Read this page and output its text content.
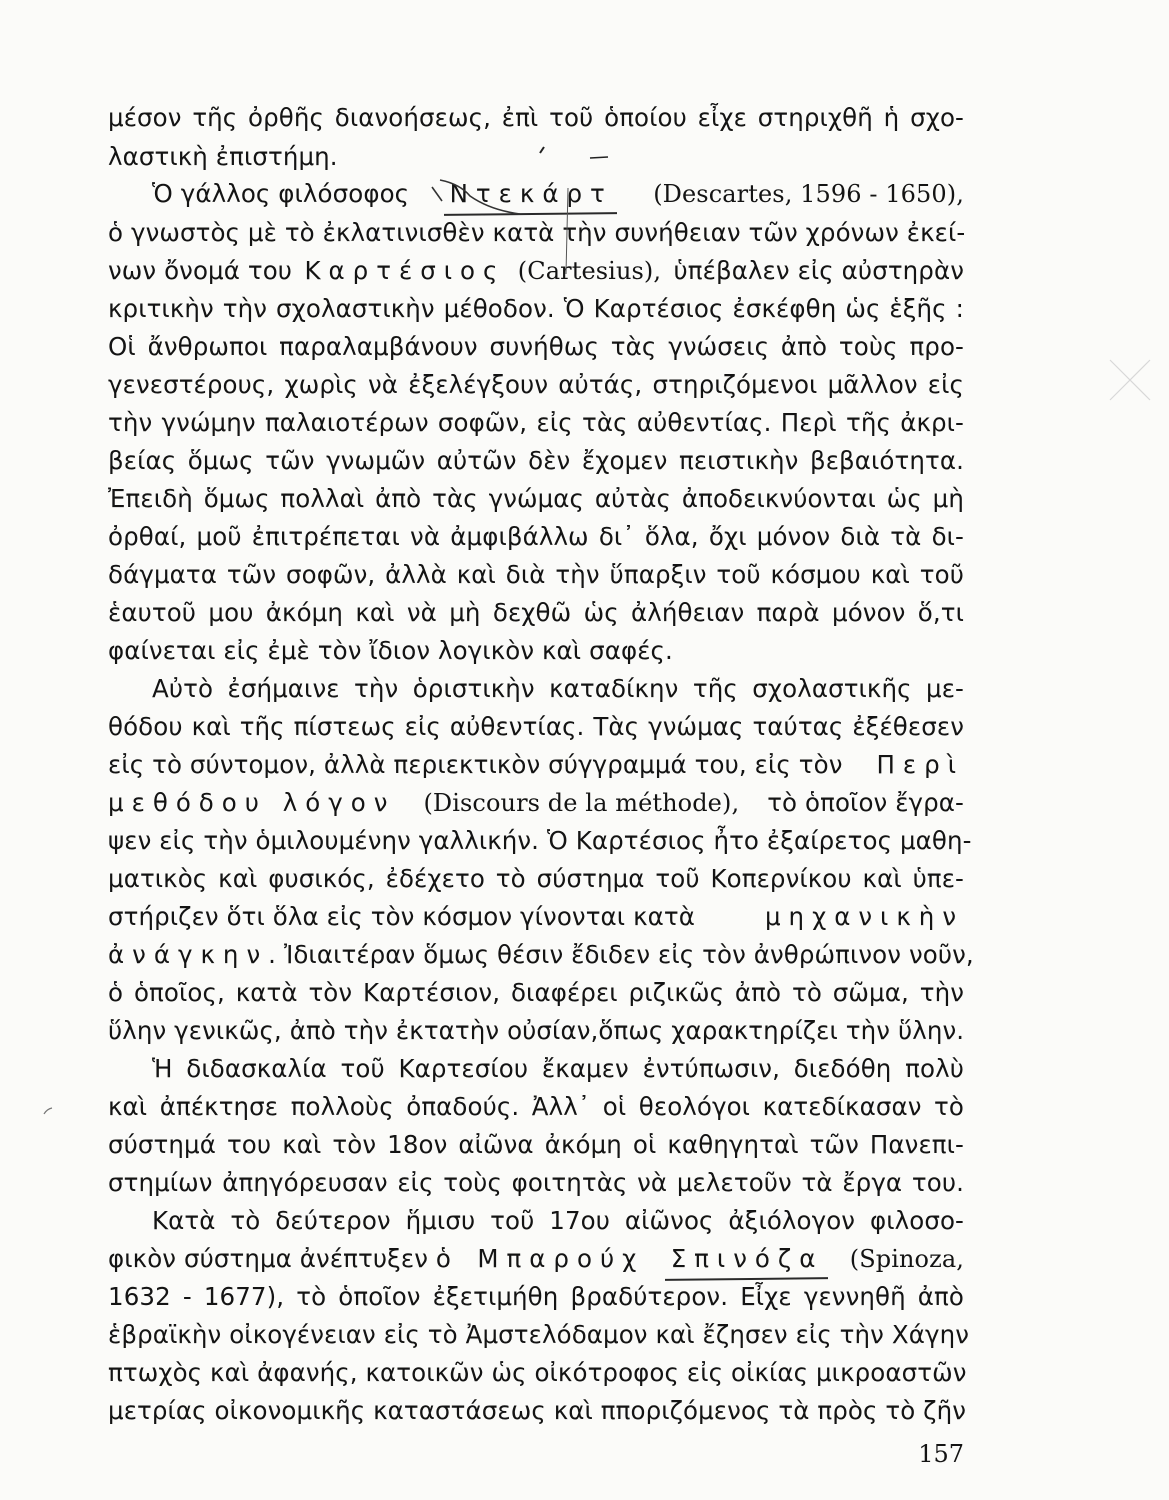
μέσον τῆς ὀρθῆς διανοήσεως, ἐπὶ τοῦ ὁποίου εἶχε στηριχθῆ ἡ σχο-
λαστικὴ ἐπιστήμη.
Ὁ γάλλος φιλόσοφος Ντεκάρτ (Descartes, 1596 - 1650),
ὁ γνωστὸς μὲ τὸ ἐκλατινισθὲν κατὰ τὴν συνήθειαν τῶν χρόνων ἐκεί-
νων ὄνομά του Καρτέσιος (Cartesius), ὑπέβαλεν εἰς αὐστηρὰν
κριτικὴν τὴν σχολαστικὴν μέθοδον. Ὁ Καρτέσιος ἐσκέφθη ὡς ἑξῆς :
Οἱ ἄνθρωποι παραλαμβάνουν συνήθως τὰς γνώσεις ἀπὸ τοὺς προ-
γενεστέρους, χωρὶς νὰ ἐξελέγξουν αὐτάς, στηριζόμενοι μᾶλλον εἰς
τὴν γνώμην παλαιοτέρων σοφῶν, εἰς τὰς αὐθεντίας. Περὶ τῆς ἀκρι-
βείας ὅμως τῶν γνωμῶν αὐτῶν δὲν ἔχομεν πειστικὴν βεβαιότητα.
Ἐπειδὴ ὅμως πολλαὶ ἀπὸ τὰς γνώμας αὐτὰς ἀποδεικνύονται ὡς μὴ
ὀρθαί, μοῦ ἐπιτρέπεται νὰ ἀμφιβάλλω δι᾽ ὅλα, ὄχι μόνον διὰ τὰ δι-
δάγματα τῶν σοφῶν, ἀλλὰ καὶ διὰ τὴν ὕπαρξιν τοῦ κόσμου καὶ τοῦ
ἑαυτοῦ μου ἀκόμη καὶ νὰ μὴ δεχθῶ ὡς ἀλήθειαν παρὰ μόνον ὅ,τι
φαίνεται εἰς ἐμὲ τὸν ἴδιον λογικὸν καὶ σαφές.
Αὐτὸ ἐσήμαινε τὴν ὁριστικὴν καταδίκην τῆς σχολαστικῆς με-
θόδου καὶ τῆς πίστεως εἰς αὐθεντίας. Τὰς γνώμας ταύτας ἐξέθεσεν
εἰς τὸ σύντομον, ἀλλὰ περιεκτικὸν σύγγραμμά του, εἰς τὸν Περὶ
μεθόδου λόγον (Discours de la méthode), τὸ ὁποῖον ἔγρα-
ψεν εἰς τὴν ὁμιλουμένην γαλλικήν. Ὁ Καρτέσιος ἦτο ἐξαίρετος μαθη-
ματικὸς καὶ φυσικός, ἐδέχετο τὸ σύστημα τοῦ Κοπερνίκου καὶ ὑπε-
στήριζεν ὅτι ὅλα εἰς τὸν κόσμον γίνονται κατὰ	μηχανικὴν
ἀνάγκην. Ἰδιαιτέραν ὅμως θέσιν ἔδιδεν εἰς τὸν ἀνθρώπινον νοῦν,
ὁ ὁποῖος, κατὰ τὸν Καρτέσιον, διαφέρει ριζικῶς ἀπὸ τὸ σῶμα, τὴν
ὕλην γενικῶς, ἀπὸ τὴν ἐκτατὴν οὐσίαν,ὅπως χαρακτηρίζει τὴν ὕλην.
Ἡ διδασκαλία τοῦ Καρτεσίου ἔκαμεν ἐντύπωσιν, διεδόθη πολὺ
καὶ ἀπέκτησε πολλοὺς ὀπαδούς. Ἀλλ᾽ οἱ θεολόγοι κατεδίκασαν τὸ
σύστημά του καὶ τὸν 18ον αἰῶνα ἀκόμη οἱ καθηγηταὶ τῶν Πανεπι-
στημίων ἀπηγόρευσαν εἰς τοὺς φοιτητὰς νὰ μελετοῦν τὰ ἔργα του.
Κατὰ τὸ δεύτερον ἥμισυ τοῦ 17ου αἰῶνος ἀξιόλογον φιλοσο-
φικὸν σύστημα ἀνέπτυξεν ὁ Μπαρούχ Σπινόζα (Spinoza,
1632 - 1677), τὸ ὁποῖον ἐξετιμήθη βραδύτερον. Εἶχε γεννηθῆ ἀπὸ
ἑβραϊκὴν οἰκογένειαν εἰς τὸ Ἀμστελόδαμον καὶ ἔζησεν εἰς τὴν Χάγην
πτωχὸς καὶ ἀφανής, κατοικῶν ὡς οἰκότροφος εἰς οἰκίας μικροαστῶν
μετρίας οἰκονομικῆς καταστάσεως καὶ πποριζόμενος τὰ πρὸς τὸ ζῆν
157
